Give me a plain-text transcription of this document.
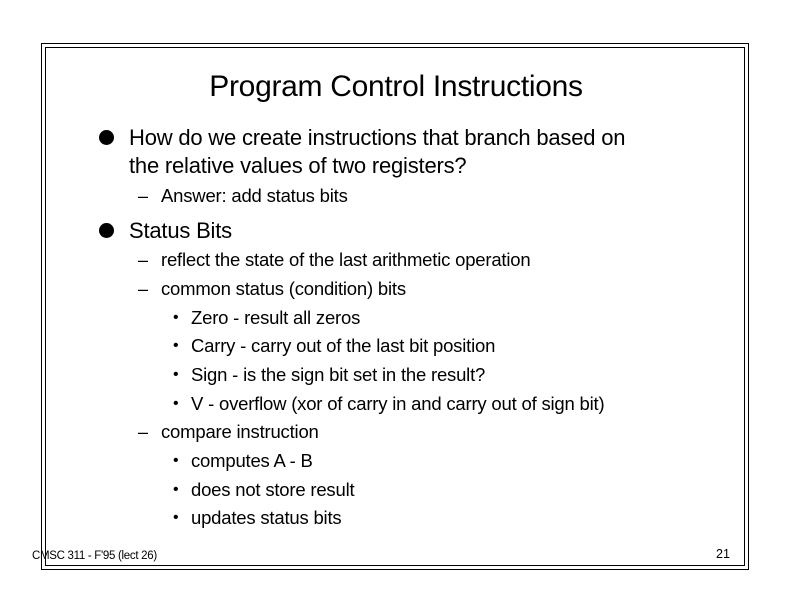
Program Control Instructions
How do we create instructions that branch based on
the relative values of two registers?
– Answer: add status bits
Status Bits
– reflect the state of the last arithmetic operation
– common status (condition) bits
• Zero - result all zeros
• Carry - carry out of the last bit position
• Sign - is the sign bit set in the result?
• V - overflow (xor of carry in and carry out of sign bit)
– compare instruction
• computes A - B
• does not store result
• updates status bits
CMSC 311 - F'95 (lect 26)	21
